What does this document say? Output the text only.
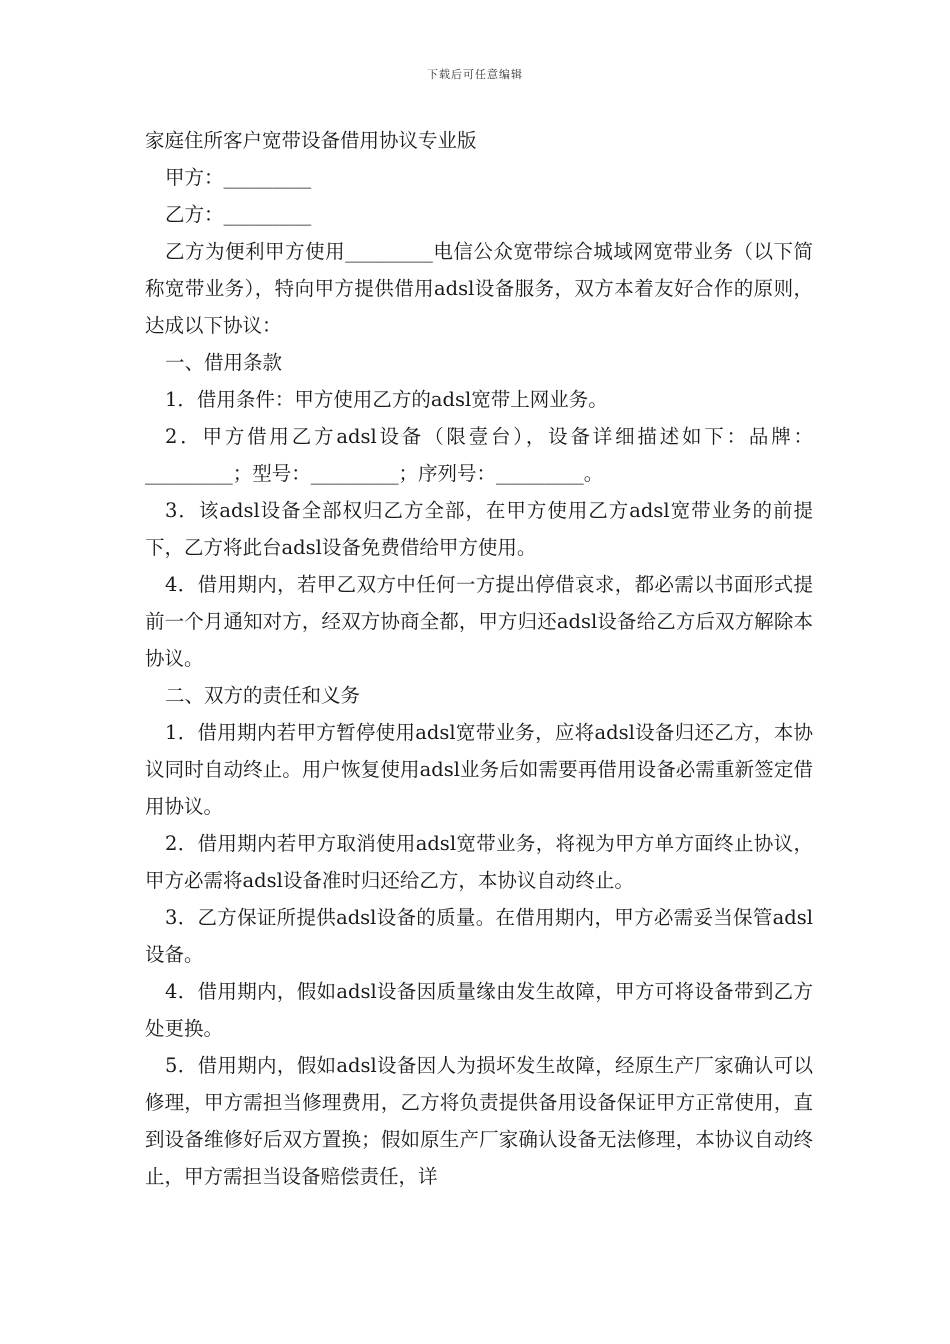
下载后可任意编辑

家庭住所客户宽带设备借用协议专业版

甲方：_________

乙方：_________

乙方为便利甲方使用_________电信公众宽带综合城域网宽带业务（以下简称宽带业务），特向甲方提供借用adsl设备服务，双方本着友好合作的原则，达成以下协议：

一、借用条款

1．借用条件：甲方使用乙方的adsl宽带上网业务。

2．甲方借用乙方adsl设备（限壹台），设备详细描述如下：品牌：_________；型号：_________；序列号：_________。

3．该adsl设备全部权归乙方全部，在甲方使用乙方adsl宽带业务的前提下，乙方将此台adsl设备免费借给甲方使用。

4．借用期内，若甲乙双方中任何一方提出停借哀求，都必需以书面形式提前一个月通知对方，经双方协商全都，甲方归还adsl设备给乙方后双方解除本协议。

二、双方的责任和义务

1．借用期内若甲方暂停使用adsl宽带业务，应将adsl设备归还乙方，本协议同时自动终止。用户恢复使用adsl业务后如需要再借用设备必需重新签定借用协议。

2．借用期内若甲方取消使用adsl宽带业务，将视为甲方单方面终止协议，甲方必需将adsl设备准时归还给乙方，本协议自动终止。

3．乙方保证所提供adsl设备的质量。在借用期内，甲方必需妥当保管adsl设备。

4．借用期内，假如adsl设备因质量缘由发生故障，甲方可将设备带到乙方处更换。

5．借用期内，假如adsl设备因人为损坏发生故障，经原生产厂家确认可以修理，甲方需担当修理费用，乙方将负责提供备用设备保证甲方正常使用，直到设备维修好后双方置换；假如原生产厂家确认设备无法修理，本协议自动终止，甲方需担当设备赔偿责任，详
